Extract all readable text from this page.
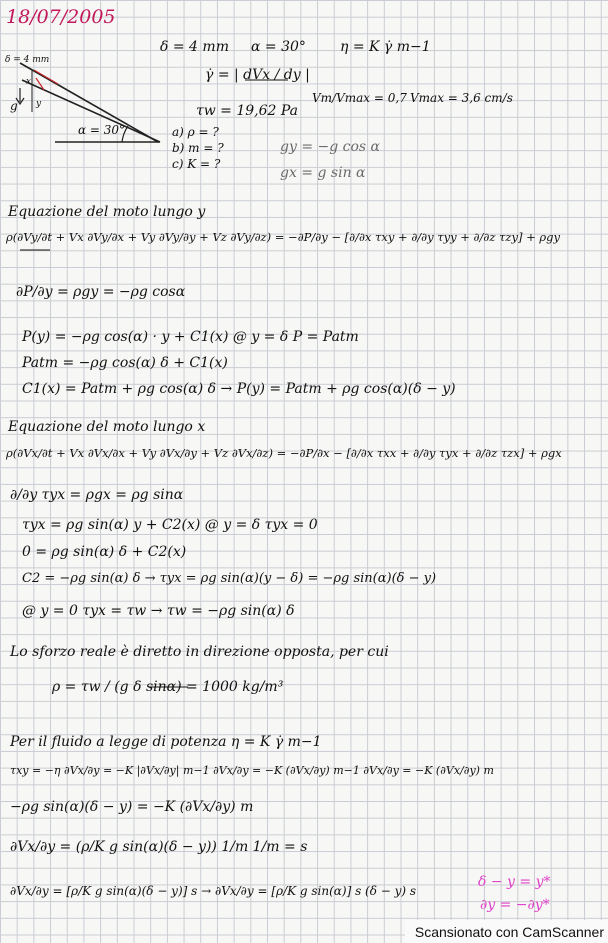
18/07/2005
δ = 4 mm α = 30° η = K γ̇ m−1
γ̇ = | dVx / dy |
τw = 19,62 Pa
Vm/Vmax = 0,7 Vmax = 3,6 cm/s
a) ρ = ?
b) m = ?
c) K = ?
gy = −g cos α
gx = g sin α
δ = 4 mm
g
x
y
α = 30°
Equazione del moto lungo y
ρ(∂Vy/∂t + Vx ∂Vy/∂x + Vy ∂Vy/∂y + Vz ∂Vy/∂z) = −∂P/∂y − [∂/∂x τxy + ∂/∂y τyy + ∂/∂z τzy] + ρgy
∂P/∂y = ρgy = −ρg cosα
P(y) = −ρg cos(α) · y + C1(x) @ y = δ P = Patm
Patm = −ρg cos(α) δ + C1(x)
C1(x) = Patm + ρg cos(α) δ → P(y) = Patm + ρg cos(α)(δ − y)
Equazione del moto lungo x
ρ(∂Vx/∂t + Vx ∂Vx/∂x + Vy ∂Vx/∂y + Vz ∂Vx/∂z) = −∂P/∂x − [∂/∂x τxx + ∂/∂y τyx + ∂/∂z τzx] + ρgx
∂/∂y τyx = ρgx = ρg sinα
τyx = ρg sin(α) y + C2(x) @ y = δ τyx = 0
0 = ρg sin(α) δ + C2(x)
C2 = −ρg sin(α) δ → τyx = ρg sin(α)(y − δ) = −ρg sin(α)(δ − y)
@ y = 0 τyx = τw → τw = −ρg sin(α) δ
Lo sforzo reale è diretto in direzione opposta, per cui
ρ = τw / (g δ sinα) = 1000 kg/m³
Per il fluido a legge di potenza η = K γ̇ m−1
τxy = −η ∂Vx/∂y = −K |∂Vx/∂y| m−1 ∂Vx/∂y = −K (∂Vx/∂y) m−1 ∂Vx/∂y = −K (∂Vx/∂y) m
−ρg sin(α)(δ − y) = −K (∂Vx/∂y) m
∂Vx/∂y = (ρ/K g sin(α)(δ − y)) 1/m 1/m = s
∂Vx/∂y = [ρ/K g sin(α)(δ − y)] s → ∂Vx/∂y = [ρ/K g sin(α)] s (δ − y) s
δ − y = y*
∂y = −∂y*
Scansionato con CamScanner
